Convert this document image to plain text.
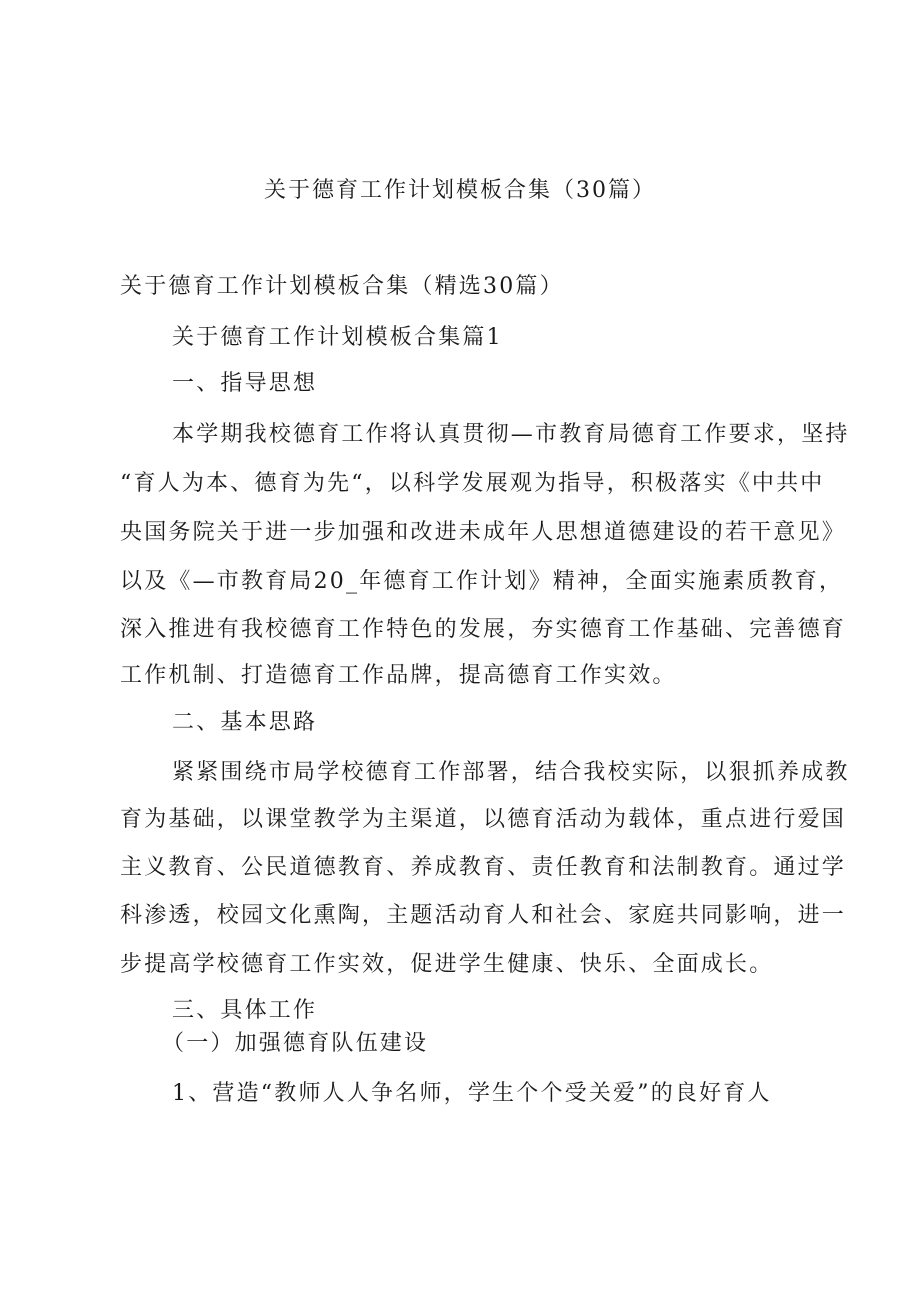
关于德育工作计划模板合集（30篇）
关于德育工作计划模板合集（精选30篇）
关于德育工作计划模板合集篇1
一、指导思想
本学期我校德育工作将认真贯彻—市教育局德育工作要求，坚持
“育人为本、德育为先“，以科学发展观为指导，积极落实《中共中
央国务院关于进一步加强和改进未成年人思想道德建设的若干意见》
以及《—市教育局20_年德育工作计划》精神，全面实施素质教育，
深入推进有我校德育工作特色的发展，夯实德育工作基础、完善德育
工作机制、打造德育工作品牌，提高德育工作实效。
二、基本思路
紧紧围绕市局学校德育工作部署，结合我校实际，以狠抓养成教
育为基础，以课堂教学为主渠道，以德育活动为载体，重点进行爱国
主义教育、公民道德教育、养成教育、责任教育和法制教育。通过学
科渗透，校园文化熏陶，主题活动育人和社会、家庭共同影响，进一
步提高学校德育工作实效，促进学生健康、快乐、全面成长。
三、具体工作
（一）加强德育队伍建设
1、营造“教师人人争名师，学生个个受关爱”的良好育人
